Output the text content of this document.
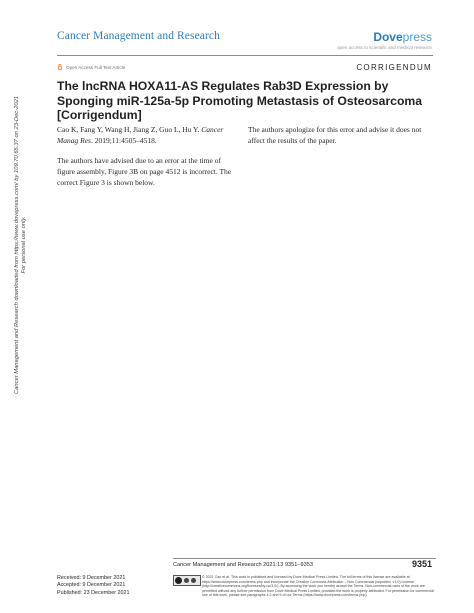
Cancer Management and Research	Dovepress
open access to scientific and medical research
Open Access Full Text Article	CORRIGENDUM
The lncRNA HOXA11-AS Regulates Rab3D Expression by Sponging miR-125a-5p Promoting Metastasis of Osteosarcoma [Corrigendum]

Cao K, Fang Y, Wang H, Jiang Z, Guo L, Hu Y. Cancer Manag Res. 2019;11:4505–4518.

The authors have advised due to an error at the time of figure assembly, Figure 3B on page 4512 is incorrect. The correct Figure 3 is shown below.

The authors apologize for this error and advise it does not affect the results of the paper.

Cancer Management and Research downloaded from https://www.dovepress.com/ by 109.70.65.37 on 23-Dec-2021 For personal use only.
Cancer Management and Research 2021:13 9351–9353	9351
Received: 9 December 2021
Accepted: 9 December 2021
Published: 23 December 2021
© 2021 Cao et al. This work is published and licensed by Dove Medical Press Limited. The full terms of this license are available at https://www.dovepress.com/terms.php and incorporate the Creative Commons Attribution – Non Commercial (unported, v3.0) License (http://creativecommons.org/licenses/by-nc/3.0/). By accessing the work you hereby accept the Terms. Non-commercial uses of the work are permitted without any further permission from Dove Medical Press Limited, provided the work is properly attributed. For permission for commercial use of this work, please see paragraphs 4.2 and 5 of our Terms (https://www.dovepress.com/terms.php).
